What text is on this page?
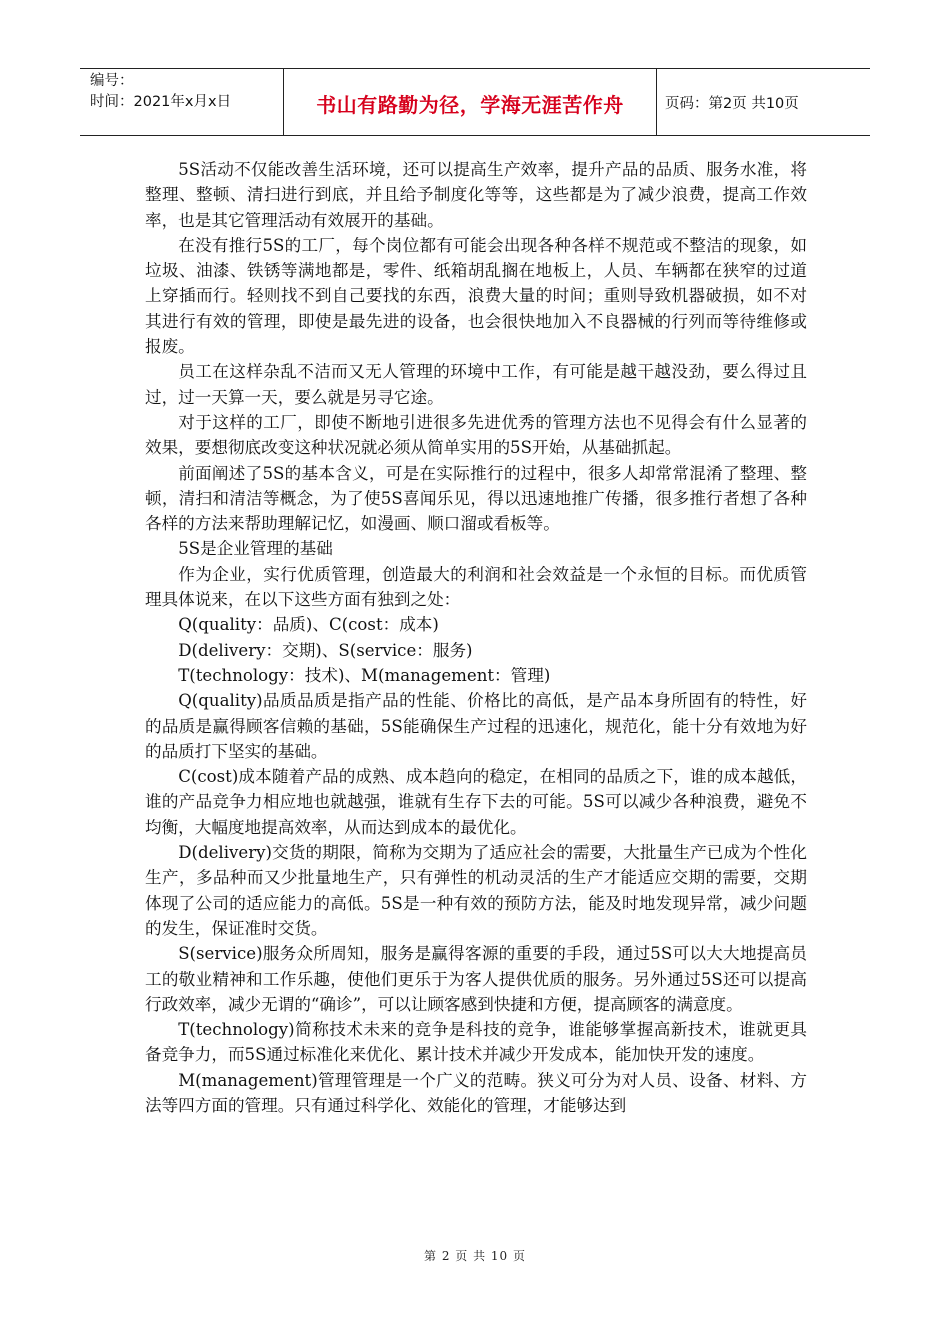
编号：
时间：2021年x月x日	书山有路勤为径，学海无涯苦作舟	页码：第2页 共10页

5S活动不仅能改善生活环境，还可以提高生产效率，提升产品的品质、服务水准，将整理、整顿、清扫进行到底，并且给予制度化等等，这些都是为了减少浪费，提高工作效率，也是其它管理活动有效展开的基础。

在没有推行5S的工厂，每个岗位都有可能会出现各种各样不规范或不整洁的现象，如垃圾、油漆、铁锈等满地都是，零件、纸箱胡乱搁在地板上，人员、车辆都在狭窄的过道上穿插而行。轻则找不到自己要找的东西，浪费大量的时间；重则导致机器破损，如不对其进行有效的管理，即使是最先进的设备，也会很快地加入不良器械的行列而等待维修或报废。

员工在这样杂乱不洁而又无人管理的环境中工作，有可能是越干越没劲，要么得过且过，过一天算一天，要么就是另寻它途。

对于这样的工厂，即使不断地引进很多先进优秀的管理方法也不见得会有什么显著的效果，要想彻底改变这种状况就必须从简单实用的5S开始，从基础抓起。

前面阐述了5S的基本含义，可是在实际推行的过程中，很多人却常常混淆了整理、整顿，清扫和清洁等概念，为了使5S喜闻乐见，得以迅速地推广传播，很多推行者想了各种各样的方法来帮助理解记忆，如漫画、顺口溜或看板等。

5S是企业管理的基础

作为企业，实行优质管理，创造最大的利润和社会效益是一个永恒的目标。而优质管理具体说来，在以下这些方面有独到之处：

Q(quality：品质)、C(cost：成本)

D(delivery：交期)、S(service：服务)

T(technology：技术)、M(management：管理)

Q(quality)品质品质是指产品的性能、价格比的高低，是产品本身所固有的特性，好的品质是赢得顾客信赖的基础，5S能确保生产过程的迅速化，规范化，能十分有效地为好的品质打下坚实的基础。

C(cost)成本随着产品的成熟、成本趋向的稳定，在相同的品质之下，谁的成本越低，谁的产品竞争力相应地也就越强，谁就有生存下去的可能。5S可以减少各种浪费，避免不均衡，大幅度地提高效率，从而达到成本的最优化。

D(delivery)交货的期限，简称为交期为了适应社会的需要，大批量生产已成为个性化生产，多品种而又少批量地生产，只有弹性的机动灵活的生产才能适应交期的需要，交期体现了公司的适应能力的高低。5S是一种有效的预防方法，能及时地发现异常，减少问题的发生，保证准时交货。

S(service)服务众所周知，服务是赢得客源的重要的手段，通过5S可以大大地提高员工的敬业精神和工作乐趣，使他们更乐于为客人提供优质的服务。另外通过5S还可以提高行政效率，减少无谓的“确诊”，可以让顾客感到快捷和方便，提高顾客的满意度。

T(technology)简称技术未来的竞争是科技的竞争，谁能够掌握高新技术，谁就更具备竞争力，而5S通过标准化来优化、累计技术并减少开发成本，能加快开发的速度。

M(management)管理管理是一个广义的范畴。狭义可分为对人员、设备、材料、方法等四方面的管理。只有通过科学化、效能化的管理，才能够达到

第 2 页 共 10 页
